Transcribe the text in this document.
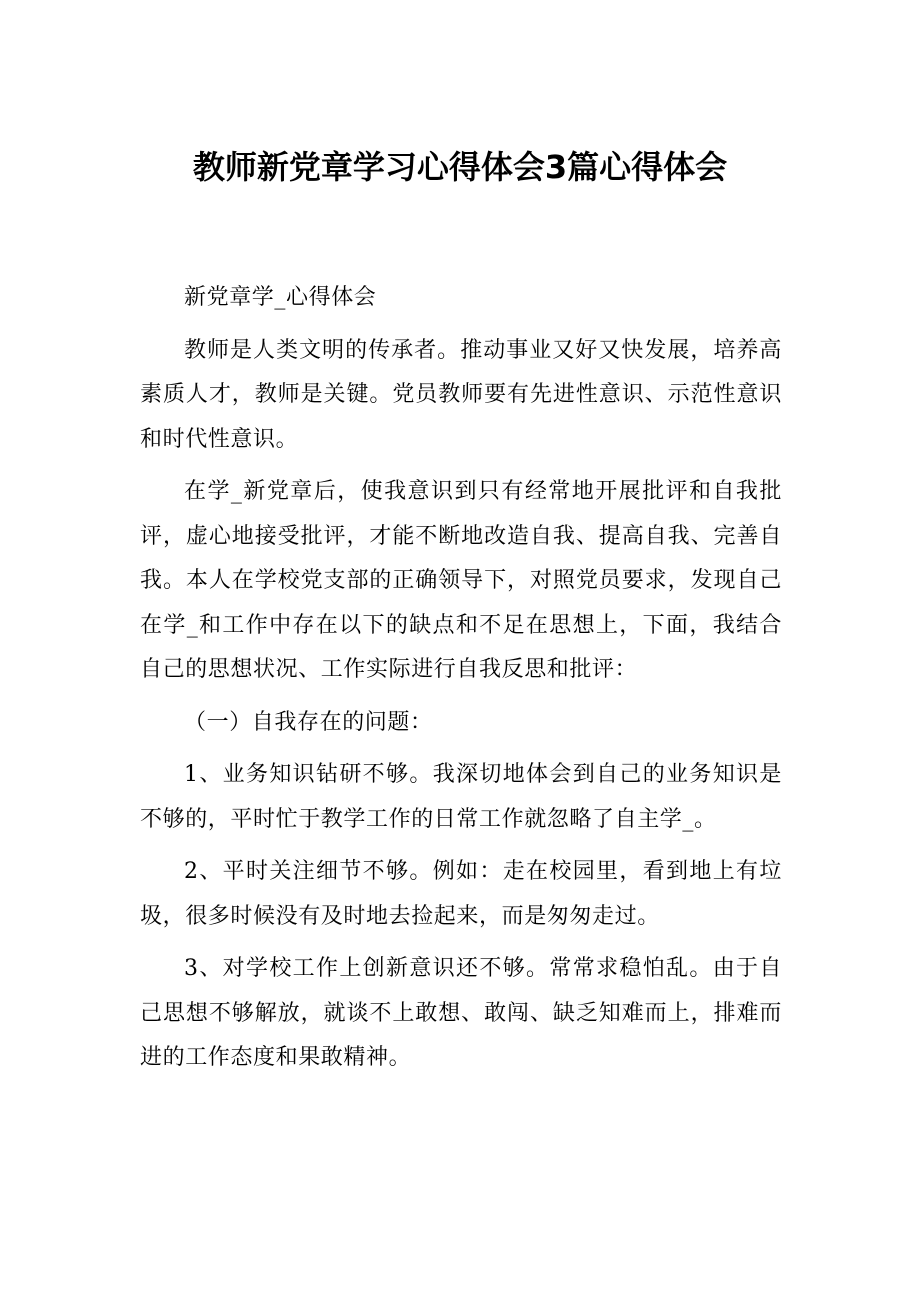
教师新党章学习心得体会3篇心得体会

新党章学_心得体会

教师是人类文明的传承者。推动事业又好又快发展，培养高素质人才，教师是关键。党员教师要有先进性意识、示范性意识和时代性意识。

在学_新党章后，使我意识到只有经常地开展批评和自我批评，虚心地接受批评，才能不断地改造自我、提高自我、完善自我。本人在学校党支部的正确领导下，对照党员要求，发现自己在学_和工作中存在以下的缺点和不足在思想上，下面，我结合自己的思想状况、工作实际进行自我反思和批评：

（一）自我存在的问题：

1、业务知识钻研不够。我深切地体会到自己的业务知识是不够的，平时忙于教学工作的日常工作就忽略了自主学_。

2、平时关注细节不够。例如：走在校园里，看到地上有垃圾，很多时候没有及时地去捡起来，而是匆匆走过。

3、对学校工作上创新意识还不够。常常求稳怕乱。由于自己思想不够解放，就谈不上敢想、敢闯、缺乏知难而上，排难而进的工作态度和果敢精神。
